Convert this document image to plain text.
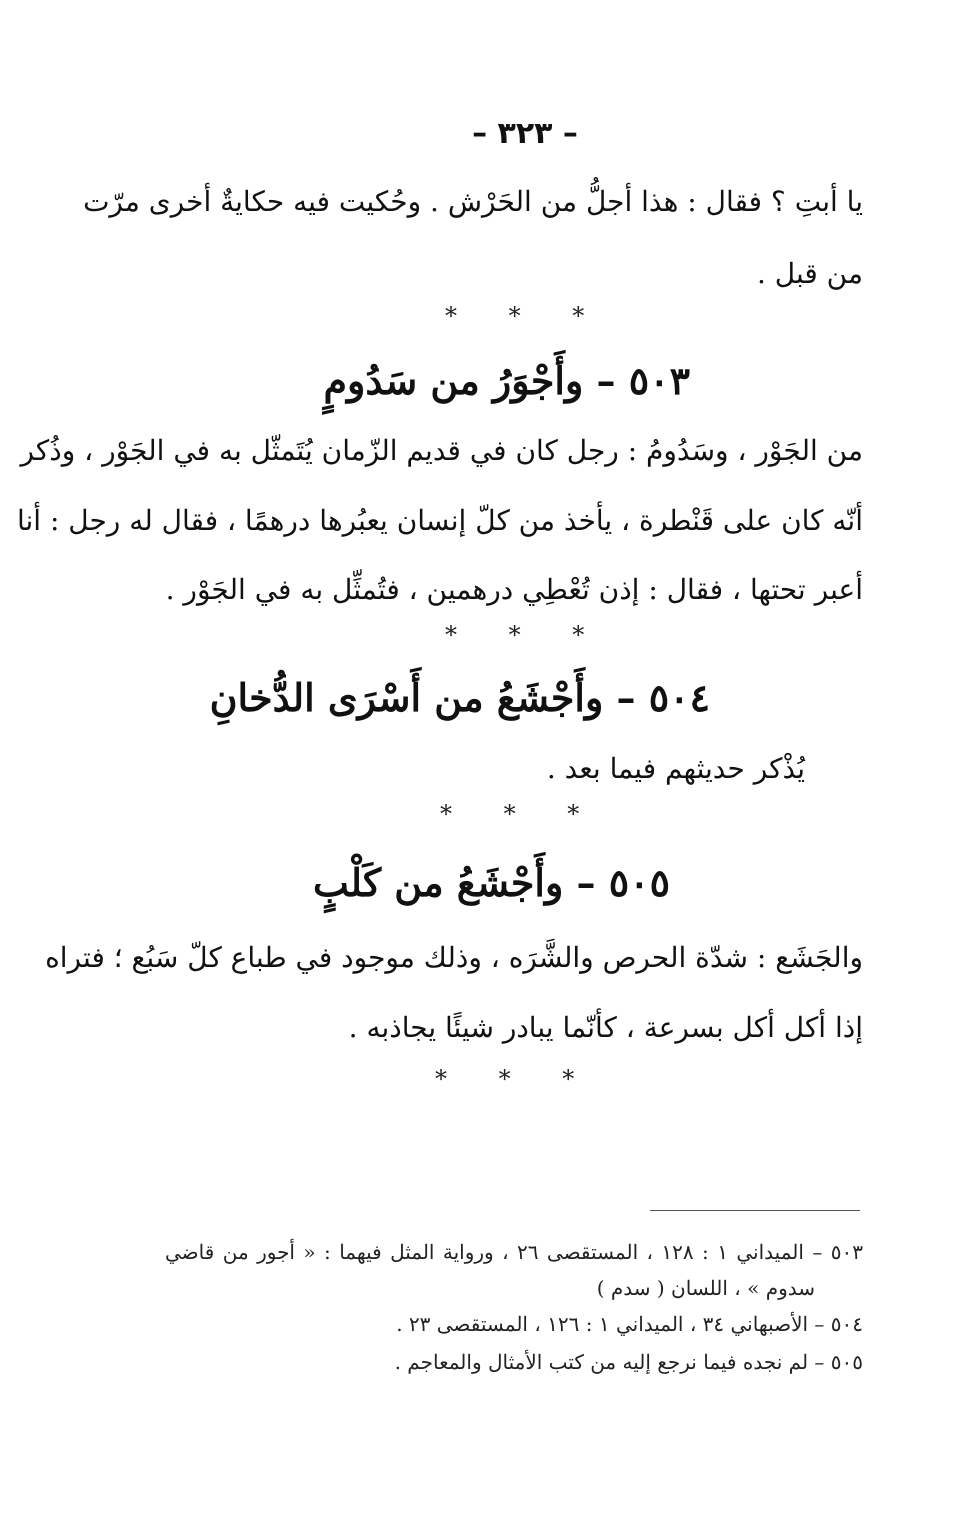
– ٣٢٣ –
يا أبتِ ؟ فقال : هذا أجلُّ من الحَرْش . وحُكيت فيه حكايةٌ أخرى مرّت
من قبل .
* * *
٥٠٣ – وأَجْوَرُ من سَدُومٍ
من الجَوْر ، وسَدُومُ : رجل كان في قديم الزّمان يُتَمثّل به في الجَوْر ، وذُكر
أنّه كان على قَنْطرة ، يأخذ من كلّ إنسان يعبُرها درهمًا ، فقال له رجل : أنا
أعبر تحتها ، فقال : إذن تُعْطِي درهمين ، فتُمثِّل به في الجَوْر .
* * *
٥٠٤ – وأَجْشَعُ من أَسْرَى الدُّخانِ
يُذْكر حديثهم فيما بعد .
* * *
٥٠٥ – وأَجْشَعُ من كَلْبٍ
والجَشَع : شدّة الحرص والشَّرَه ، وذلك موجود في طباع كلّ سَبُع ؛ فتراه
إذا أكل أكل بسرعة ، كأنّما يبادر شيئًا يجاذبه .
* * *
٥٠٣ – الميداني ١ : ١٢٨ ، المستقصى ٢٦ ، ورواية المثل فيهما : « أجور من قاضي
سدوم » ، اللسان ( سدم )
٥٠٤ – الأصبهاني ٣٤ ، الميداني ١ : ١٢٦ ، المستقصى ٢٣ .
٥٠٥ – لم نجده فيما نرجع إليه من كتب الأمثال والمعاجم .
